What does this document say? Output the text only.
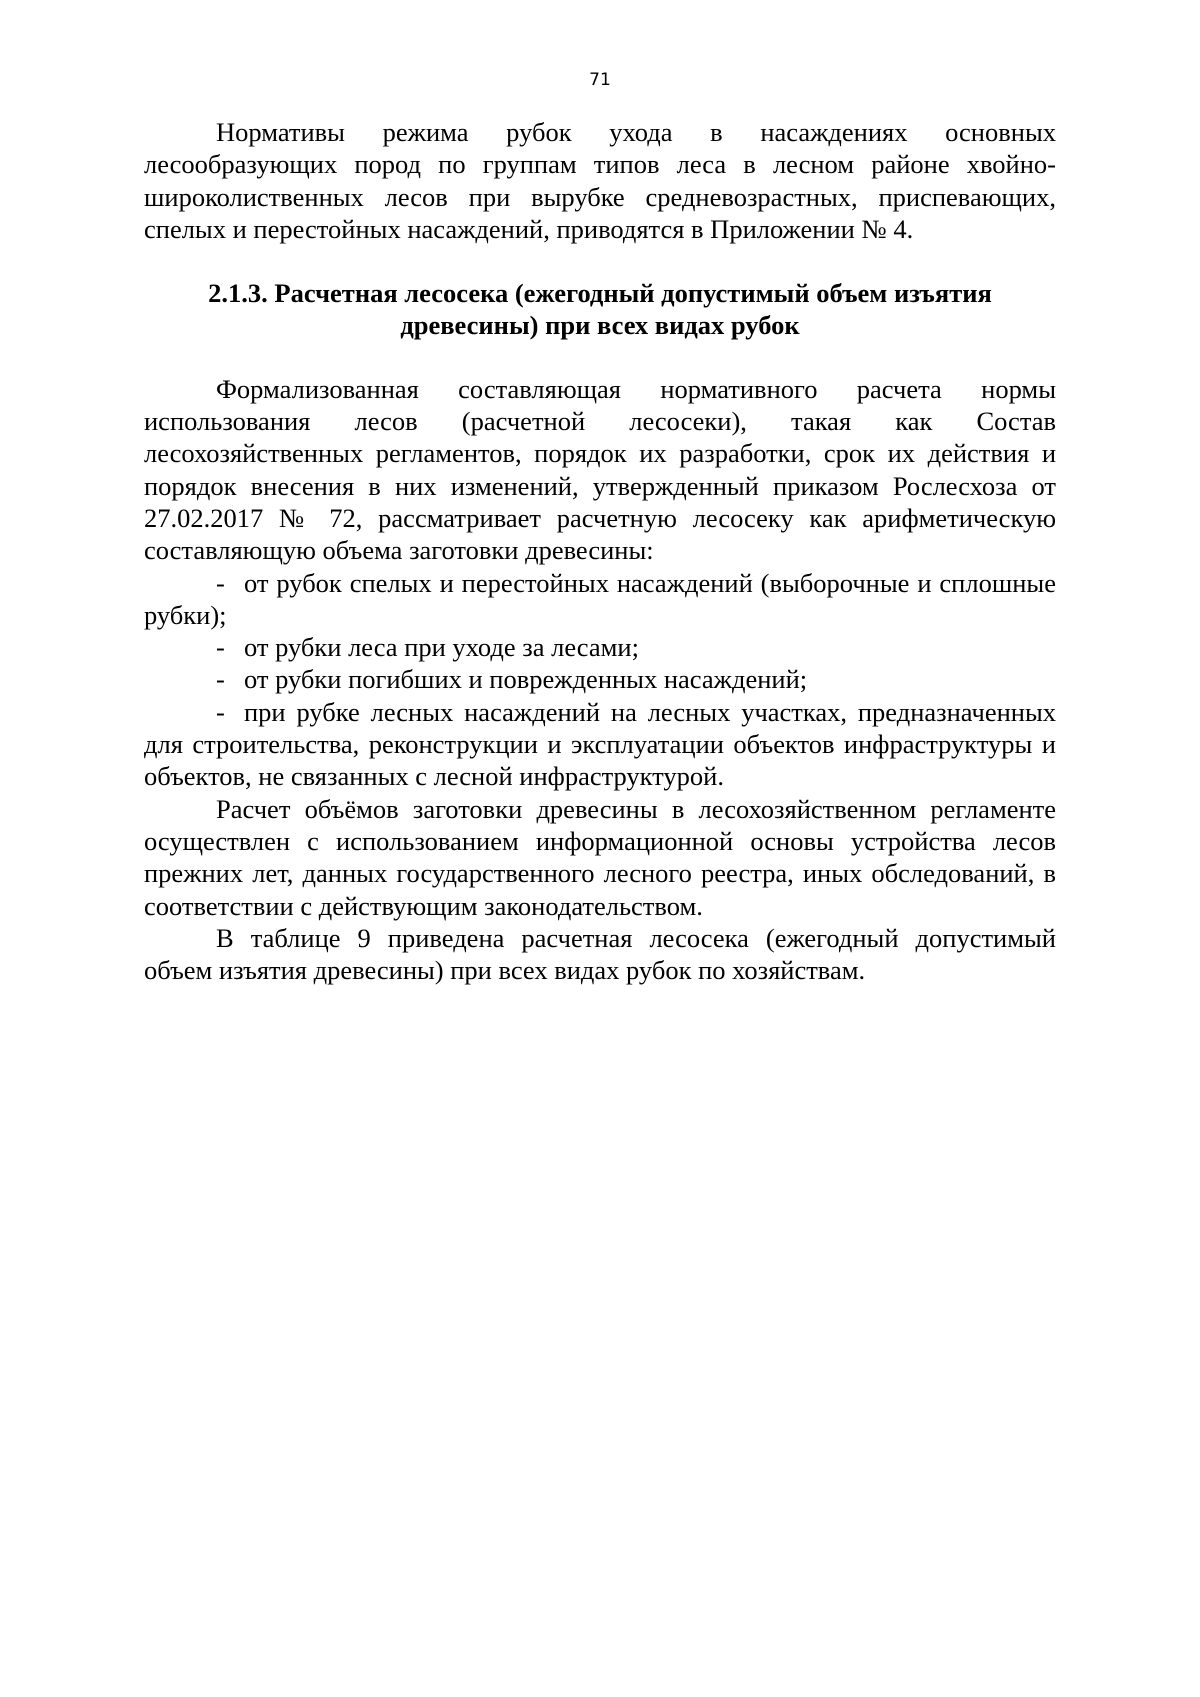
71

Нормативы режима рубок ухода в насаждениях основных лесообразующих пород по группам типов леса в лесном районе хвойно-широколиственных лесов при вырубке средневозрастных, приспевающих, спелых и перестойных насаждений, приводятся в Приложении № 4.

2.1.3. Расчетная лесосека (ежегодный допустимый объем изъятия
древесины) при всех видах рубок

Формализованная составляющая нормативного расчета нормы использования лесов (расчетной лесосеки), такая как Состав лесохозяйственных регламентов, порядок их разработки, срок их действия и порядок внесения в них изменений, утвержденный приказом Рослесхоза от 27.02.2017 № 72, рассматривает расчетную лесосеку как арифметическую составляющую объема заготовки древесины:

- от рубок спелых и перестойных насаждений (выборочные и сплошные рубки);

- от рубки леса при уходе за лесами;

- от рубки погибших и поврежденных насаждений;

- при рубке лесных насаждений на лесных участках, предназначенных для строительства, реконструкции и эксплуатации объектов инфраструктуры и объектов, не связанных с лесной инфраструктурой.

Расчет объёмов заготовки древесины в лесохозяйственном регламенте осуществлен с использованием информационной основы устройства лесов прежних лет, данных государственного лесного реестра, иных обследований, в соответствии с действующим законодательством.

В таблице 9 приведена расчетная лесосека (ежегодный допустимый объем изъятия древесины) при всех видах рубок по хозяйствам.
